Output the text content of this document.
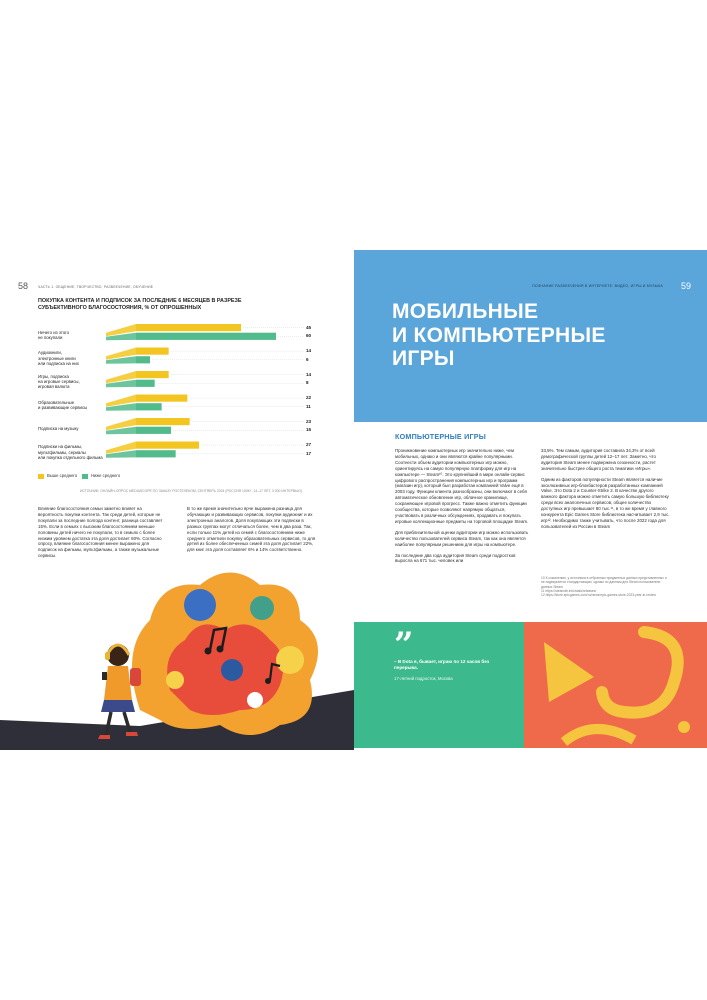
58	ЧАСТЬ 1. ОБЩЕНИЕ, ТВОРЧЕСТВО, РАЗВЛЕЧЕНИЕ, ОБУЧЕНИЕ
ПОКУПКА КОНТЕНТА И ПОДПИСОК ЗА ПОСЛЕДНИЕ 6 МЕСЯЦЕВ В РАЗРЕЗЕ
СУБЪЕКТИВНОГО БЛАГОСОСТОЯНИЯ, % ОТ ОПРОШЕННЫХ
Ничего из этого
не покупали
45
60
Аудиокниги,
электронные книги
или подписка на них
14
6
Игры, подписка
на игровые сервисы,
игровая валюта
14
8
Образовательные
и развивающие сервисы
22
11
Подписка на музыку
23
15
Подписки на фильмы,
мультфильмы, сериалы
или покупка отдельного фильма
27
17
Выше среднего	Ниже среднего
ИСТОЧНИК: ОНЛАЙН-ОПРОС MEDIASCOPE ПО ЗАКАЗУ РОСТЕЛЕКОМ, СЕНТЯБРЬ 2024 (РОССИЯ 100К+, 14–17 ЛЕТ, 3 000 ИНТЕРВЬЮ)
Влияние благосостояния семьи заметно влияет на вероятность покупки контента. Так среди детей, которые не покупали за последние полгода контент, разница составляет 15%. Если в семьях с высоким благосостоянием меньше половины детей ничего не покупали, то в семьях с более низким уровнем достатка эта доля достигает 60%. Согласно опросу, влияние благосостояния менее выражено для подписок на фильмы, мультфильмы, а также музыкальные сервисы.
В то же время значительно ярче выражена разница для обучающих и развивающих сервисов, покупки аудиокниг и их электронных аналогов. Доля покупающих эти подписки в разных группах могут отличаться более, чем в два раза. Так, если только 11% детей из семей с благосостоянием ниже среднего отметили покупку образовательных сервисов, то для детей из более обеспеченных семей эта доля достигает 22%, для книг эта доля составляет 6% и 14% соответственно.
ПОЗНАНИЕ РАЗВЛЕЧЕНИЯ В ИНТЕРНЕТЕ: ВИДЕО, ИГРЫ И МУЗЫКА 59
МОБИЛЬНЫЕ
И КОМПЬЮТЕРНЫЕ
ИГРЫ
КОМПЬЮТЕРНЫЕ ИГРЫ
Проникновение компьютерных игр значительно ниже, чем мобильных, однако и они являются крайне популярными. Соотнести объем аудитории компьютерных игр можно, ориентируясь на самую популярную платформу для игр на компьютере — Steam¹⁰. Это крупнейший в мире онлайн-сервис цифрового распространения компьютерных игр и программ (магазин игр), который был разработан компанией Valve ещё в 2003 году. Функции клиента разнообразны, они включают в себя автоматическое обновление игр, облачное хранилище, сохраняющее игровой прогресс. Также важно отметить функции сообщества, которые позволяют напрямую общаться, участвовать в различных обсуждениях, продавать и покупать игровые коллекционные предметы на торговой площадке Steam.
Для приблизительной оценки аудитории игр можно использовать количество пользователей сервиса Steam, так как она является наиболее популярным решением для игры на компьютере.
За последние два года аудитория Steam среди подростков выросла на 671 тыс. человек или
33,5%. Тем самым, аудитория составила 34,3% от всей демографической группы детей 12–17 лет. Заметно, что аудитория Steam менее подвержена сезонности, растет значительно быстрее общего роста тематики «Игры».
Одним из факторов популярности Steam является наличие эксклюзивных игр-блокбастеров разработанных компанией Valve. Это Dota 2 и Counter-Strike 2. В качестве другого важного фактора можно отметить самую большую библиотеку среди всех аналогичных сервисов, общее количество доступных игр превышает 80 тыс.¹¹, в то же время у главного конкурента Epic Games Store библиотека насчитывает 2,9 тыс. игр¹². Необходимо также учитывать, что после 2022 года для пользователей из России в Steam
10 К сожалению, у источника в отбранных предметных данных представленных и не подвергается стандартизации, однако по данным для Steam пользователи данных Steam
11 https://steamdb.info/stats/releases/
12 https://store.epicgames.com/ru/news/epic-games-store-2023-year-in-review
”
– В Dota я, бывает, играю по 12 часов без перерыва.
17-летний подросток, Москва
